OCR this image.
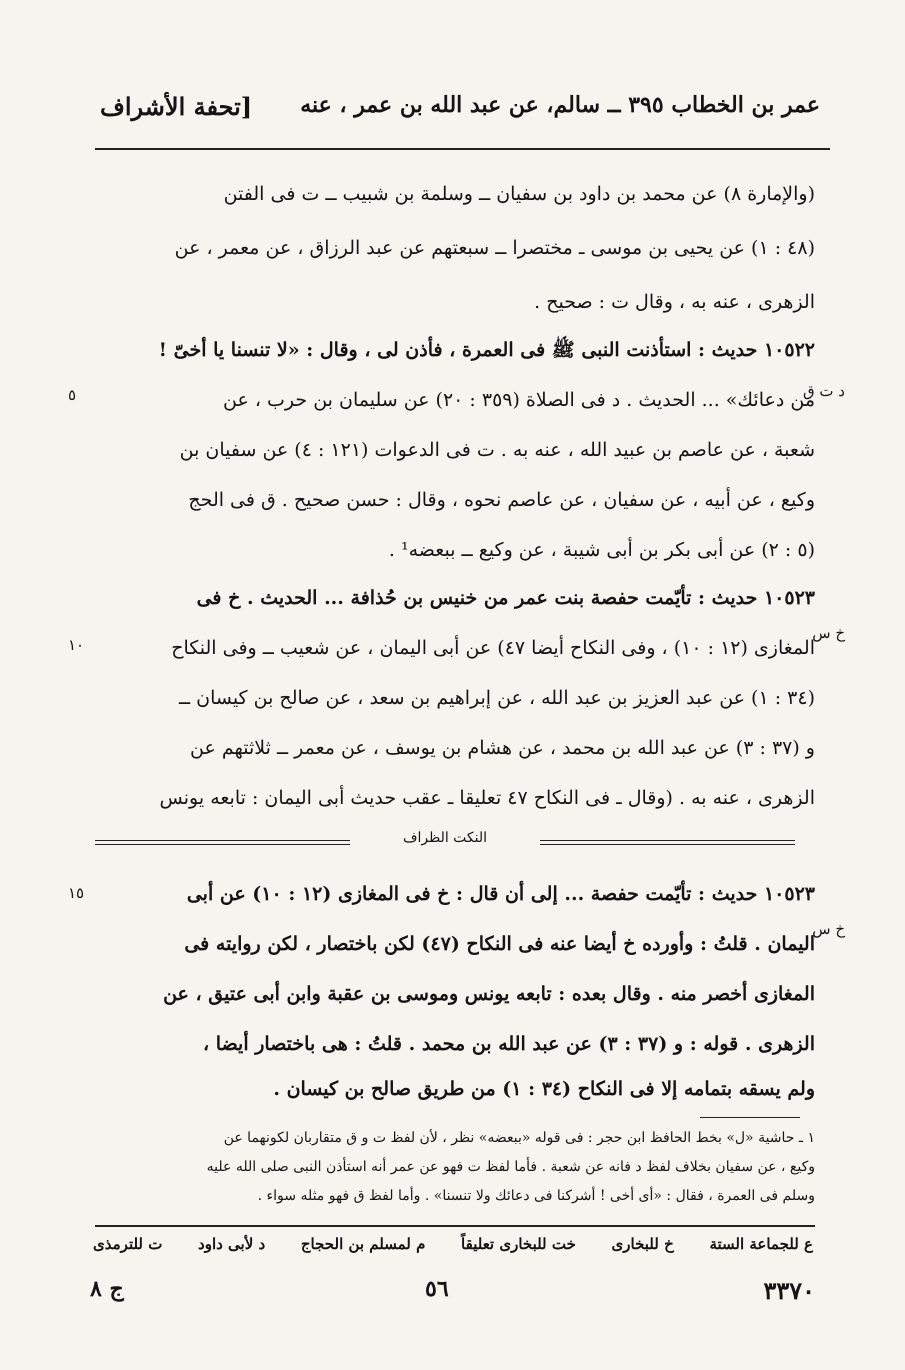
عمر بن الخطاب ٣٩٥ ــ سالم، عن عبد الله بن عمر ، عنه
[تحفة الأشراف
(والإمارة ٨) عن محمد بن داود بن سفيان ــ وسلمة بن شبيب ــ ت فى الفتن
(٤٨ : ١) عن يحيى بن موسى ـ مختصرا ــ سبعتهم عن عبد الرزاق ، عن معمر ، عن
الزهرى ، عنه به ، وقال ت : صحيح .
١٠٥٢٢ حديث : استأذنت النبى ﷺ فى العمرة ، فأذن لى ، وقال : «لا تنسنا يا أخىّ !
من دعائك» ... الحديث . د فى الصلاة (٣٥٩ : ٢٠) عن سليمان بن حرب ، عن
شعبة ، عن عاصم بن عبيد الله ، عنه به . ت فى الدعوات (١٢١ : ٤) عن سفيان بن
وكيع ، عن أبيه ، عن سفيان ، عن عاصم نحوه ، وقال : حسن صحيح . ق فى الحج
(٥ : ٢) عن أبى بكر بن أبى شيبة ، عن وكيع ــ ببعضه¹ .
١٠٥٢٣ حديث : تأيّمت حفصة بنت عمر من خنيس بن حُذافة ... الحديث . خ فى
المغازى (١٢ : ١٠) ، وفى النكاح أيضا ٤٧) عن أبى اليمان ، عن شعيب ــ وفى النكاح
(٣٤ : ١) عن عبد العزيز بن عبد الله ، عن إبراهيم بن سعد ، عن صالح بن كيسان ــ
و (٣٧ : ٣) عن عبد الله بن محمد ، عن هشام بن يوسف ، عن معمر ــ ثلاثتهم عن
الزهرى ، عنه به . (وقال ـ فى النكاح ٤٧ تعليقا ـ عقب حديث أبى اليمان : تابعه يونس
د ت ق
٥
خ س
١٠
١٥
خ س
النكت الظراف
١٠٥٢٣ حديث : تأيّمت حفصة ... إلى أن قال : خ فى المغازى (١٢ : ١٠) عن أبى
اليمان . قلتُ : وأورده خ أيضا عنه فى النكاح (٤٧) لكن باختصار ، لكن روايته فى
المغازى أخصر منه . وقال بعده : تابعه يونس وموسى بن عقبة وابن أبى عتيق ، عن
الزهرى . قوله : و (٣٧ : ٣) عن عبد الله بن محمد . قلتُ : هى باختصار أيضا ،
ولم يسقه بتمامه إلا فى النكاح (٣٤ : ١) من طريق صالح بن كيسان .
١ ـ حاشية «ل» بخط الحافظ ابن حجر : فى قوله «ببعضه» نظر ، لأن لفظ ت و ق متقاربان لكونهما عن
وكيع ، عن سفيان بخلاف لفظ د فانه عن شعبة . فأما لفظ ت فهو عن عمر أنه استأذن النبى صلى الله عليه
وسلم فى العمرة ، فقال : «أى أخى ! أشركنا فى دعائك ولا تنسنا» . وأما لفظ ق فهو مثله سواء .
ع للجماعة الستة
خ للبخارى
خت للبخارى تعليقاً
م لمسلم بن الحجاج
د لأبى داود
ت للترمذى
٣٣٧٠
٥٦
ج ٨
